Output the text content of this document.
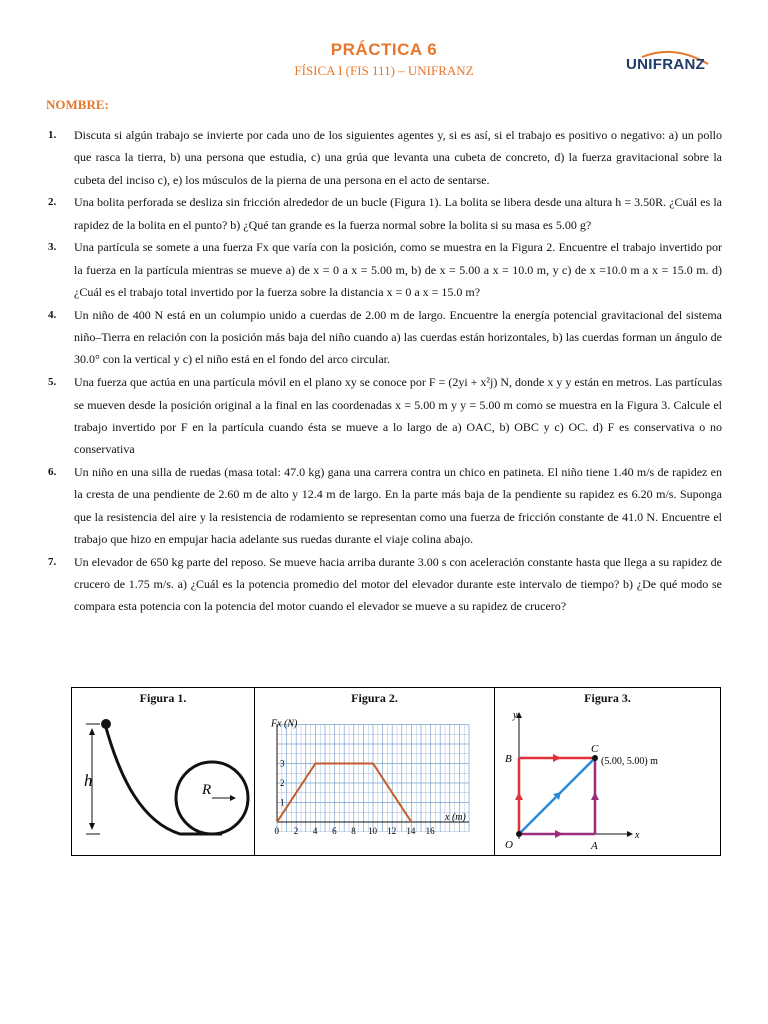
PRÁCTICA 6
FÍSICA I (FIS 111) – UNIFRANZ	UNIFRANZ
NOMBRE:
1. Discuta si algún trabajo se invierte por cada uno de los siguientes agentes y, si es así, si el trabajo es positivo o negativo: a) un pollo que rasca la tierra, b) una persona que estudia, c) una grúa que levanta una cubeta de concreto, d) la fuerza gravitacional sobre la cubeta del inciso c), e) los músculos de la pierna de una persona en el acto de sentarse.
2. Una bolita perforada se desliza sin fricción alrededor de un bucle (Figura 1). La bolita se libera desde una altura h = 3.50R. ¿Cuál es la rapidez de la bolita en el punto? b) ¿Qué tan grande es la fuerza normal sobre la bolita si su masa es 5.00 g?
3. Una partícula se somete a una fuerza Fx que varía con la posición, como se muestra en la Figura 2. Encuentre el trabajo invertido por la fuerza en la partícula mientras se mueve a) de x = 0 a x = 5.00 m, b) de x = 5.00 a x = 10.0 m, y c) de x =10.0 m a x = 15.0 m. d) ¿Cuál es el trabajo total invertido por la fuerza sobre la distancia x = 0 a x = 15.0 m?
4. Un niño de 400 N está en un columpio unido a cuerdas de 2.00 m de largo. Encuentre la energía potencial gravitacional del sistema niño–Tierra en relación con la posición más baja del niño cuando a) las cuerdas están horizontales, b) las cuerdas forman un ángulo de 30.0° con la vertical y c) el niño está en el fondo del arco circular.
5. Una fuerza que actúa en una partícula móvil en el plano xy se conoce por F = (2yi + x²j) N, donde x y y están en metros. Las partículas se mueven desde la posición original a la final en las coordenadas x = 5.00 m y y = 5.00 m como se muestra en la Figura 3. Calcule el trabajo invertido por F en la partícula cuando ésta se mueve a lo largo de a) OAC, b) OBC y c) OC. d) F es conservativa o no conservativa
6. Un niño en una silla de ruedas (masa total: 47.0 kg) gana una carrera contra un chico en patineta. El niño tiene 1.40 m/s de rapidez en la cresta de una pendiente de 2.60 m de alto y 12.4 m de largo. En la parte más baja de la pendiente su rapidez es 6.20 m/s. Suponga que la resistencia del aire y la resistencia de rodamiento se representan como una fuerza de fricción constante de 41.0 N. Encuentre el trabajo que hizo en empujar hacia adelante sus ruedas durante el viaje colina abajo.
7. Un elevador de 650 kg parte del reposo. Se mueve hacia arriba durante 3.00 s con aceleración constante hasta que llega a su rapidez de crucero de 1.75 m/s. a) ¿Cuál es la potencia promedio del motor del elevador durante este intervalo de tiempo? b) ¿De qué modo se compara esta potencia con la potencia del motor cuando el elevador se mueve a su rapidez de crucero?
Figura 1.
R
h
Figura 2.
0 2 4 6 8 10 12 14 16
1
2
3
Fx (N)
x (m)
Figura 3.
y
x
O	A
B
C
(5.00, 5.00) m
